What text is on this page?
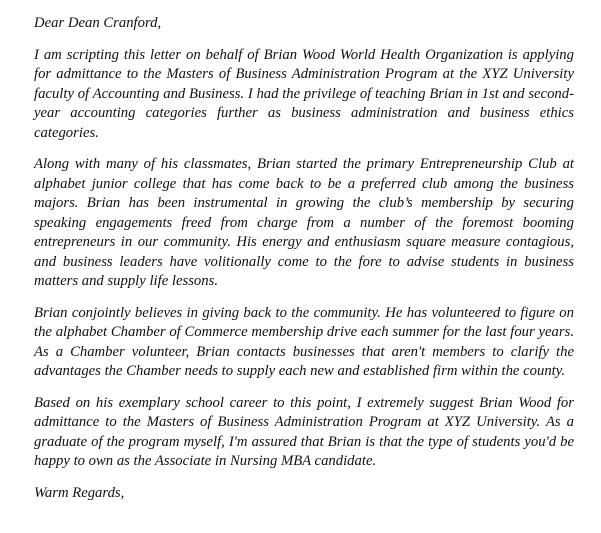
Dear Dean Cranford,

I am scripting this letter on behalf of Brian Wood World Health Organization is applying for admittance to the Masters of Business Administration Program at the XYZ University faculty of Accounting and Business. I had the privilege of teaching Brian in 1st and second-year accounting categories further as business administration and business ethics categories.

Along with many of his classmates, Brian started the primary Entrepreneurship Club at alphabet junior college that has come back to be a preferred club among the business majors. Brian has been instrumental in growing the club’s membership by securing speaking engagements freed from charge from a number of the foremost booming entrepreneurs in our community. His energy and enthusiasm square measure contagious, and business leaders have volitionally come to the fore to advise students in business matters and supply life lessons.

Brian conjointly believes in giving back to the community. He has volunteered to figure on the alphabet Chamber of Commerce membership drive each summer for the last four years. As a Chamber volunteer, Brian contacts businesses that aren't members to clarify the advantages the Chamber needs to supply each new and established firm within the county.

Based on his exemplary school career to this point, I extremely suggest Brian Wood for admittance to the Masters of Business Administration Program at XYZ University. As a graduate of the program myself, I'm assured that Brian is that the type of students you'd be happy to own as the Associate in Nursing MBA candidate.

Warm Regards,
